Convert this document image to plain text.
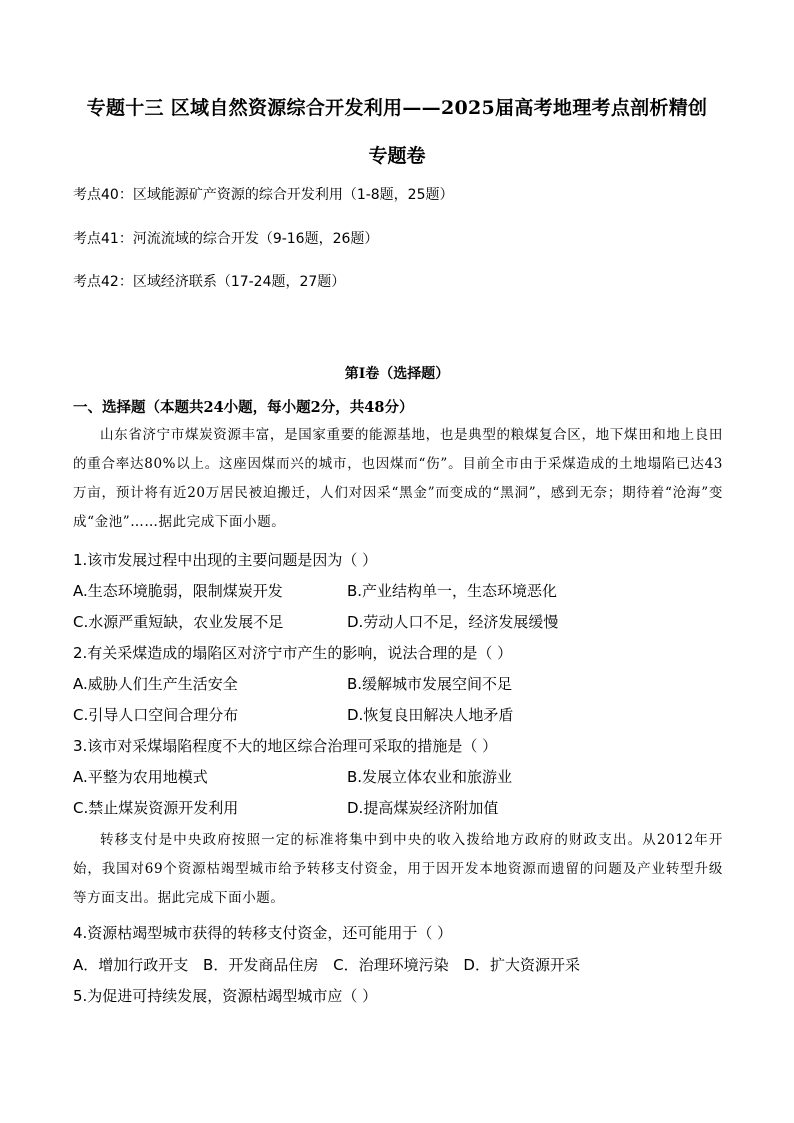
专题十三 区域自然资源综合开发利用——2025届高考地理考点剖析精创
专题卷
考点40：区域能源矿产资源的综合开发利用（1-8题，25题）
考点41：河流流域的综合开发（9-16题，26题）
考点42：区域经济联系（17-24题，27题）
第Ⅰ卷（选择题）
一、选择题（本题共24小题，每小题2分，共48分）

山东省济宁市煤炭资源丰富，是国家重要的能源基地，也是典型的粮煤复合区，地下煤田和地上良田的重合率达80%以上。这座因煤而兴的城市，也因煤而“伤”。目前全市由于采煤造成的土地塌陷已达43万亩，预计将有近20万居民被迫搬迁，人们对因采“黑金”而变成的“黑洞”，感到无奈；期待着“沧海”变成“金池”……据此完成下面小题。

1.该市发展过程中出现的主要问题是因为（ ）
A.生态环境脆弱，限制煤炭开发	B.产业结构单一，生态环境恶化
C.水源严重短缺，农业发展不足	D.劳动人口不足，经济发展缓慢
2.有关采煤造成的塌陷区对济宁市产生的影响，说法合理的是（ ）
A.威胁人们生产生活安全	B.缓解城市发展空间不足
C.引导人口空间合理分布	D.恢复良田解决人地矛盾
3.该市对采煤塌陷程度不大的地区综合治理可采取的措施是（ ）
A.平整为农用地模式	B.发展立体农业和旅游业
C.禁止煤炭资源开发利用	D.提高煤炭经济附加值

转移支付是中央政府按照一定的标准将集中到中央的收入拨给地方政府的财政支出。从2012年开始，我国对69个资源枯竭型城市给予转移支付资金，用于因开发本地资源而遗留的问题及产业转型升级等方面支出。据此完成下面小题。

4.资源枯竭型城市获得的转移支付资金，还可能用于（ ）
A．增加行政开支 B．开发商品住房 C．治理环境污染 D．扩大资源开采
5.为促进可持续发展，资源枯竭型城市应（ ）
